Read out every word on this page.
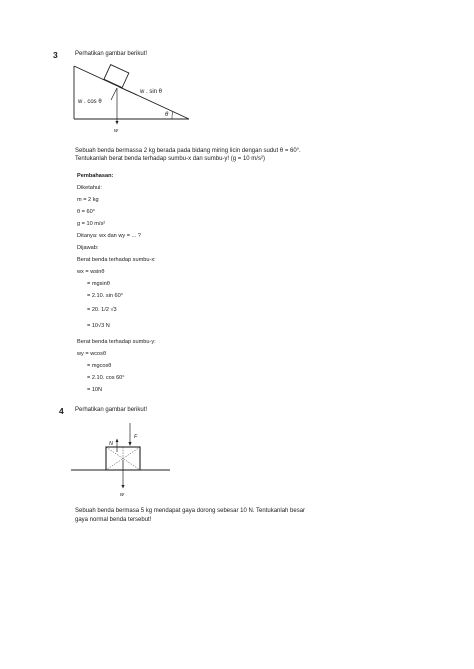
3	Perhatikan gambar berikut!
w . sin θ
w . cos θ
θ
w
Sebuah benda bermassa 2 kg berada pada bidang miring licin dengan sudut θ = 60°.
Tentukanlah berat benda terhadap sumbu-x dan sumbu-y! (g = 10 m/s²)
Pembahasan:
Diketahui:
m = 2 kg
θ = 60°
g = 10 m/s²
Ditanya: wx dan wy = ... ?
Dijawab:
Berat benda terhadap sumbu-x:
wx = wsinθ
= mgsinθ
= 2.10. sin 60°
= 20. 1/2 √3
= 10√3 N
Berat benda terhadap sumbu-y:
wy = wcosθ
= mgcosθ
= 2.10. cos 60°
= 10N
4 Perhatikan gambar berikut!
F
N
w
Sebuah benda bermasa 5 kg mendapat gaya dorong sebesar 10 N. Tentukanlah besar
gaya normal benda tersebut!
